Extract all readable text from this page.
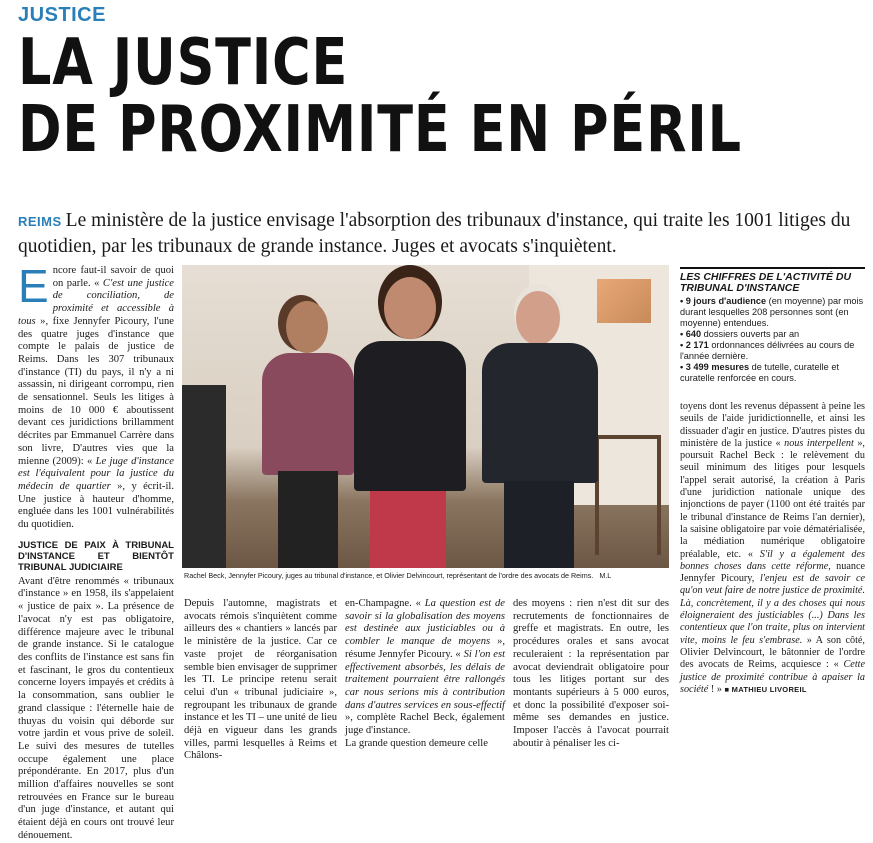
JUSTICE
LA JUSTICE
DE PROXIMITÉ EN PÉRIL
REIMS Le ministère de la justice envisage l'absorption des tribunaux d'instance, qui traite les 1001 litiges du quotidien, par les tribunaux de grande instance. Juges et avocats s'inquiètent.

Encore faut-il savoir de quoi on parle. « C'est une justice de conciliation, de proximité et accessible à tous », fixe Jennyfer Picoury, l'une des quatre juges d'instance que compte le palais de justice de Reims. Dans les 307 tribunaux d'instance (TI) du pays, il n'y a ni assassin, ni dirigeant corrompu, rien de sensationnel. Seuls les litiges à moins de 10 000 € aboutissent devant ces juridictions brillamment décrites par Emmanuel Carrère dans son livre, D'autres vies que la mienne (2009): « Le juge d'instance est l'équivalent pour la justice du médecin de quartier », y écrit-il. Une justice à hauteur d'homme, engluée dans les 1001 vulnérabilités du quotidien.

JUSTICE DE PAIX À TRIBUNAL D'INSTANCE ET BIENTÔT TRIBUNAL JUDICIAIRE

Avant d'être renommés « tribunaux d'instance » en 1958, ils s'appelaient « justice de paix ». La présence de l'avocat n'y est pas obligatoire, différence majeure avec le tribunal de grande instance. Si le catalogue des conflits de l'instance est sans fin et fascinant, le gros du contentieux concerne loyers impayés et crédits à la consommation, sans oublier le grand classique : l'éternelle haie de thuyas du voisin qui déborde sur votre jardin et vous prive de soleil. Le suivi des mesures de tutelles occupe également une place prépondérante. En 2017, plus d'un million d'affaires nouvelles se sont retrouvées en France sur le bureau d'un juge d'instance, et autant qui étaient déjà en cours ont trouvé leur dénouement.

Rachel Beck, Jennyfer Picoury, juges au tribunal d'instance, et Olivier Delvincourt, représentant de l'ordre des avocats de Reims. M.L

Depuis l'automne, magistrats et avocats rémois s'inquiètent comme ailleurs des « chantiers » lancés par le ministère de la justice. Car ce vaste projet de réorganisation semble bien envisager de supprimer les TI. Le principe retenu serait celui d'un « tribunal judiciaire », regroupant les tribunaux de grande instance et les TI – une unité de lieu déjà en vigueur dans les grands villes, parmi lesquelles à Reims et Châlons-

en-Champagne. « La question est de savoir si la globalisation des moyens est destinée aux justiciables ou à combler le manque de moyens », résume Jennyfer Picoury. « Si l'on est effectivement absorbés, les délais de traitement pourraient être rallongés car nous serions mis à contribution dans d'autres services en sous-effectif », complète Rachel Beck, également juge d'instance.

La grande question demeure celle

des moyens : rien n'est dit sur des recrutements de fonctionnaires de greffe et magistrats. En outre, les procédures orales et sans avocat reculeraient : la représentation par avocat deviendrait obligatoire pour tous les litiges portant sur des montants supérieurs à 5 000 euros, et donc la possibilité d'exposer soi-même ses demandes en justice. Imposer l'accès à l'avocat pourrait aboutir à pénaliser les ci-

LES CHIFFRES DE L'ACTIVITÉ DU TRIBUNAL D'INSTANCE
• 9 jours d'audience (en moyenne) par mois durant lesquelles 208 personnes sont (en moyenne) entendues.
• 640 dossiers ouverts par an
• 2 171 ordonnances délivrées au cours de l'année dernière.
• 3 499 mesures de tutelle, curatelle et curatelle renforcée en cours.

toyens dont les revenus dépassent à peine les seuils de l'aide juridictionnelle, et ainsi les dissuader d'agir en justice. D'autres pistes du ministère de la justice « nous interpellent », poursuit Rachel Beck : le relèvement du seuil minimum des litiges pour lesquels l'appel serait autorisé, la création à Paris d'une juridiction nationale unique des injonctions de payer (1100 ont été traités par le tribunal d'instance de Reims l'an dernier), la saisine obligatoire par voie dématérialisée, la médiation numérique obligatoire préalable, etc. « S'il y a également des bonnes choses dans cette réforme, nuance Jennyfer Picoury, l'enjeu est de savoir ce qu'on veut faire de notre justice de proximité. Là, concrètement, il y a des choses qui nous éloigneraient des justiciables (...) Dans les contentieux que l'on traite, plus on intervient vite, moins le feu s'embrase. » A son côté, Olivier Delvincourt, le bâtonnier de l'ordre des avocats de Reims, acquiesce : « Cette justice de proximité contribue à apaiser la société ! » ■ MATHIEU LIVOREIL
